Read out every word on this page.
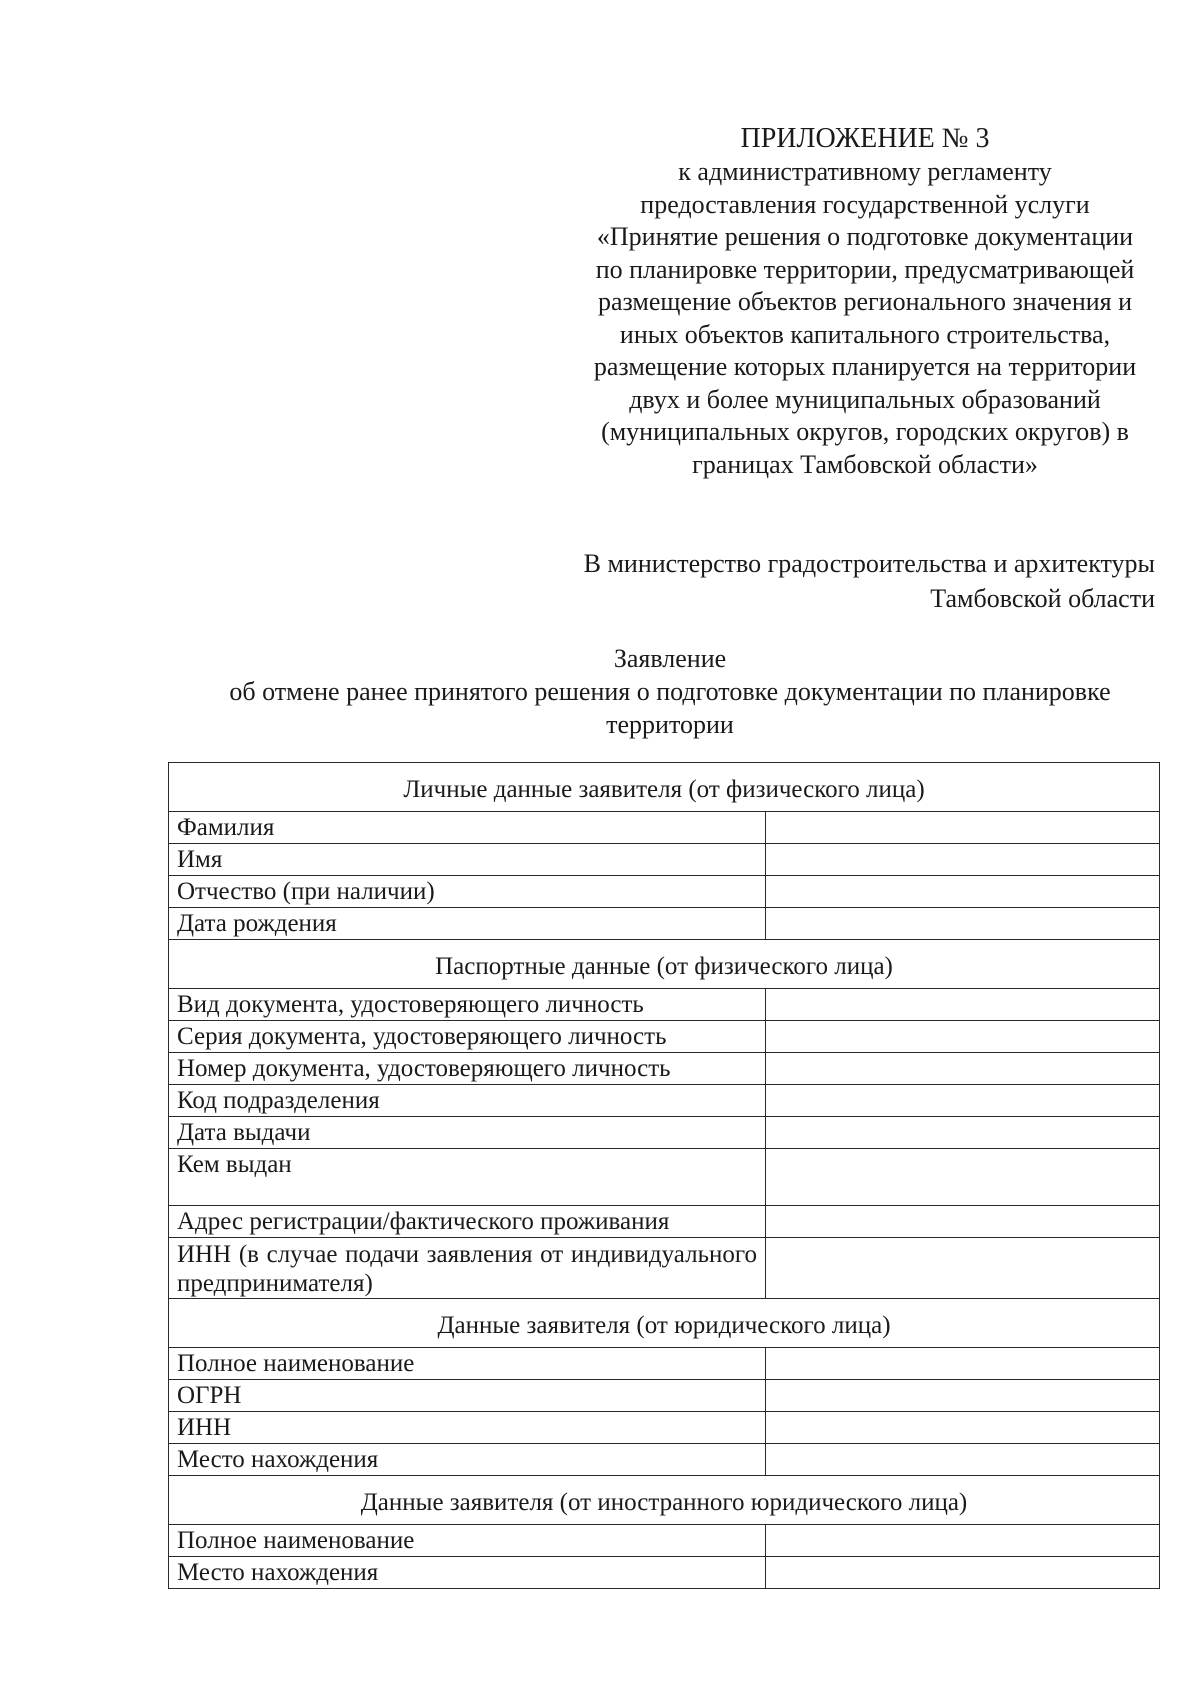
ПРИЛОЖЕНИЕ № 3
к административному регламенту
предоставления государственной услуги
«Принятие решения о подготовке документации
по планировке территории, предусматривающей
размещение объектов регионального значения и
иных объектов капитального строительства,
размещение которых планируется на территории
двух и более муниципальных образований
(муниципальных округов, городских округов) в
границах Тамбовской области»
В министерство градостроительства и архитектуры
Тамбовской области
Заявление
об отмене ранее принятого решения о подготовке документации по планировке
территории
Личные данные заявителя (от физического лица)	
Фамилия	
Имя	
Отчество (при наличии)	
Дата рождения	
Паспортные данные (от физического лица)	
Вид документа, удостоверяющего личность	
Серия документа, удостоверяющего личность	
Номер документа, удостоверяющего личность	
Код подразделения	
Дата выдачи	
Кем выдан	
Адрес регистрации/фактического проживания	

ИНН (в случае подачи заявления от индивидуального предпринимателя)	

Данные заявителя (от юридического лица)	
Полное наименование	
ОГРН	
ИНН	
Место нахождения	
Данные заявителя (от иностранного юридического лица)	
Полное наименование	
Место нахождения	
